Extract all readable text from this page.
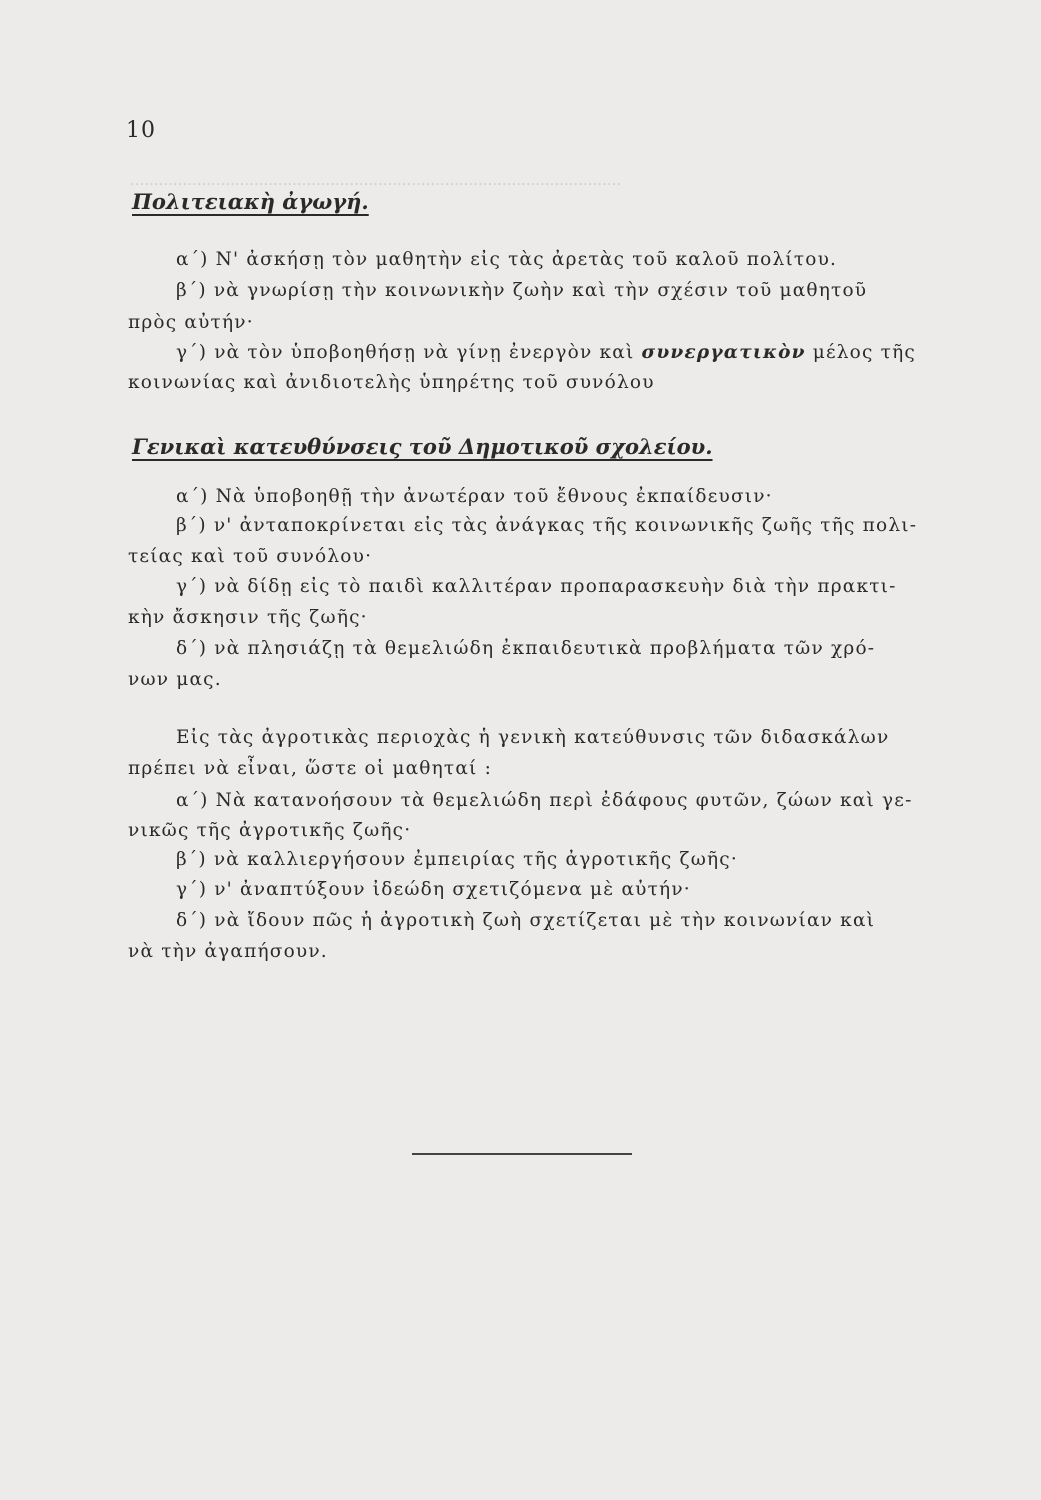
·······································································································
10
Πολιτειακὴ ἀγωγή.

α΄) Ν' ἀσκήσῃ τὸν μαθητὴν εἰς τὰς ἀρετὰς τοῦ καλοῦ πολίτου.

β΄) νὰ γνωρίσῃ τὴν κοινωνικὴν ζωὴν καὶ τὴν σχέσιν τοῦ μαθητοῦ

πρὸς αὐτήν·

γ΄) νὰ τὸν ὑποβοηθήσῃ νὰ γίνῃ ἐνεργὸν καὶ συνεργατικὸν μέλος τῆς

κοινωνίας καὶ ἀνιδιοτελὴς ὑπηρέτης τοῦ συνόλου

Γενικαὶ κατευθύνσεις τοῦ Δημοτικοῦ σχολείου.

α΄) Νὰ ὑποβοηθῇ τὴν ἀνωτέραν τοῦ ἔθνους ἐκπαίδευσιν·

β΄) ν' ἀνταποκρίνεται εἰς τὰς ἀνάγκας τῆς κοινωνικῆς ζωῆς τῆς πολι-

τείας καὶ τοῦ συνόλου·

γ΄) νὰ δίδῃ εἰς τὸ παιδὶ καλλιτέραν προπαρασκευὴν διὰ τὴν πρακτι-

κὴν ἄσκησιν τῆς ζωῆς·

δ΄) νὰ πλησιάζῃ τὰ θεμελιώδη ἐκπαιδευτικὰ προβλήματα τῶν χρό-

νων μας.

Εἰς τὰς ἀγροτικὰς περιοχὰς ἡ γενικὴ κατεύθυνσις τῶν διδασκάλων

πρέπει νὰ εἶναι, ὥστε οἱ μαθηταί :

α΄) Νὰ κατανοήσουν τὰ θεμελιώδη περὶ ἐδάφους φυτῶν, ζώων καὶ γε-

νικῶς τῆς ἀγροτικῆς ζωῆς·

β΄) νὰ καλλιεργήσουν ἐμπειρίας τῆς ἀγροτικῆς ζωῆς·

γ΄) ν' ἀναπτύξουν ἰδεώδη σχετιζόμενα μὲ αὐτήν·

δ΄) νὰ ἴδουν πῶς ἡ ἀγροτικὴ ζωὴ σχετίζεται μὲ τὴν κοινωνίαν καὶ

νὰ τὴν ἀγαπήσουν.
